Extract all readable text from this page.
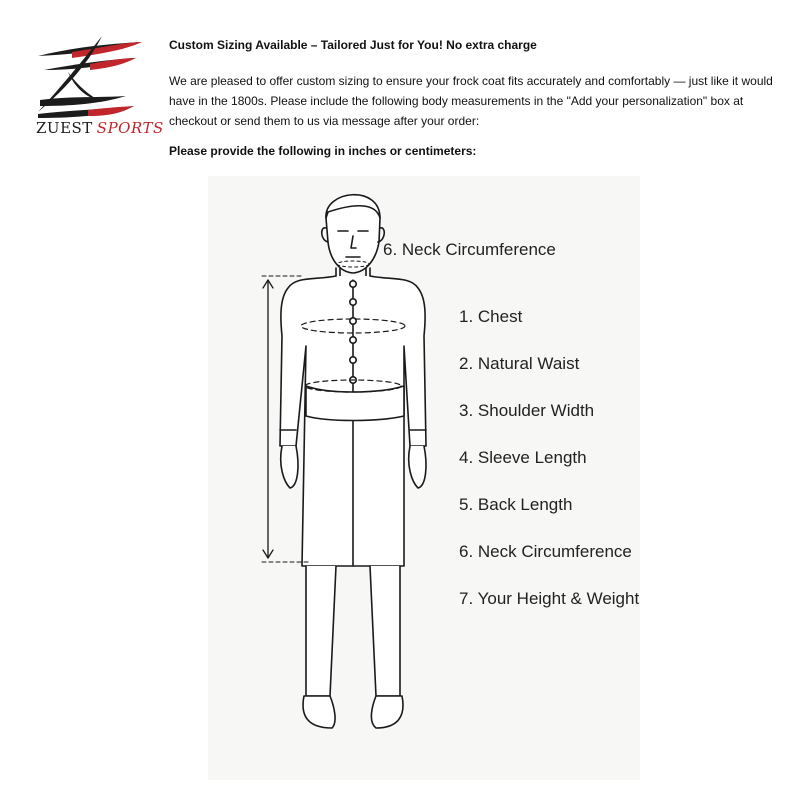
ZUEST SPORTS
Custom Sizing Available – Tailored Just for You! No extra charge
We are pleased to offer custom sizing to ensure your frock coat fits accurately and comfortably — just like it would have in the 1800s. Please include the following body measurements in the "Add your personalization" box at checkout or send them to us via message after your order:
Please provide the following in inches or centimeters:
6. Neck Circumference
1. Chest
2. Natural Waist
3. Shoulder Width
4. Sleeve Length
5. Back Length
6. Neck Circumference
7. Your Height & Weight
